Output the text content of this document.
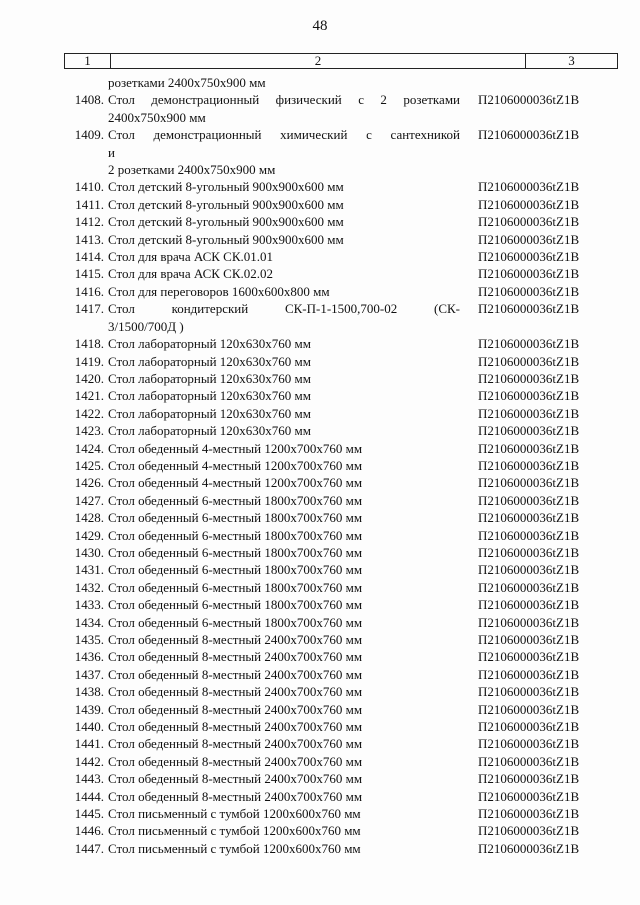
48
1	2	3
розетками 2400x750x900 мм
1408. Стол демонстрационный физический с 2 розетками	П2106000036tZ1B
2400x750x900 мм
1409. Стол демонстрационный химический с сантехникой	П2106000036tZ1B
и
2 розетками 2400x750x900 мм
1410. Стол детский 8-угольный 900x900x600 мм	П2106000036tZ1B
1411. Стол детский 8-угольный 900x900x600 мм	П2106000036tZ1B
1412. Стол детский 8-угольный 900x900x600 мм	П2106000036tZ1B
1413. Стол детский 8-угольный 900x900x600 мм	П2106000036tZ1B
1414. Стол для врача АСК СК.01.01	П2106000036tZ1B
1415. Стол для врача АСК СК.02.02	П2106000036tZ1B
1416. Стол для переговоров 1600x600x800 мм	П2106000036tZ1B
1417. Стол кондитерский СК-П-1-1500,700-02 (СК-	П2106000036tZ1B
3/1500/700Д )
1418. Стол лабораторный 120x630x760 мм	П2106000036tZ1B
1419. Стол лабораторный 120x630x760 мм	П2106000036tZ1B
1420. Стол лабораторный 120x630x760 мм	П2106000036tZ1B
1421. Стол лабораторный 120x630x760 мм	П2106000036tZ1B
1422. Стол лабораторный 120x630x760 мм	П2106000036tZ1B
1423. Стол лабораторный 120x630x760 мм	П2106000036tZ1B
1424. Стол обеденный 4-местный 1200x700x760 мм	П2106000036tZ1B
1425. Стол обеденный 4-местный 1200x700x760 мм	П2106000036tZ1B
1426. Стол обеденный 4-местный 1200x700x760 мм	П2106000036tZ1B
1427. Стол обеденный 6-местный 1800x700x760 мм	П2106000036tZ1B
1428. Стол обеденный 6-местный 1800x700x760 мм	П2106000036tZ1B
1429. Стол обеденный 6-местный 1800x700x760 мм	П2106000036tZ1B
1430. Стол обеденный 6-местный 1800x700x760 мм	П2106000036tZ1B
1431. Стол обеденный 6-местный 1800x700x760 мм	П2106000036tZ1B
1432. Стол обеденный 6-местный 1800x700x760 мм	П2106000036tZ1B
1433. Стол обеденный 6-местный 1800x700x760 мм	П2106000036tZ1B
1434. Стол обеденный 6-местный 1800x700x760 мм	П2106000036tZ1B
1435. Стол обеденный 8-местный 2400x700x760 мм	П2106000036tZ1B
1436. Стол обеденный 8-местный 2400x700x760 мм	П2106000036tZ1B
1437. Стол обеденный 8-местный 2400x700x760 мм	П2106000036tZ1B
1438. Стол обеденный 8-местный 2400x700x760 мм	П2106000036tZ1B
1439. Стол обеденный 8-местный 2400x700x760 мм	П2106000036tZ1B
1440. Стол обеденный 8-местный 2400x700x760 мм	П2106000036tZ1B
1441. Стол обеденный 8-местный 2400x700x760 мм	П2106000036tZ1B
1442. Стол обеденный 8-местный 2400x700x760 мм	П2106000036tZ1B
1443. Стол обеденный 8-местный 2400x700x760 мм	П2106000036tZ1B
1444. Стол обеденный 8-местный 2400x700x760 мм	П2106000036tZ1B
1445. Стол письменный с тумбой 1200x600x760 мм	П2106000036tZ1B
1446. Стол письменный с тумбой 1200x600x760 мм	П2106000036tZ1B
1447. Стол письменный с тумбой 1200x600x760 мм	П2106000036tZ1B
